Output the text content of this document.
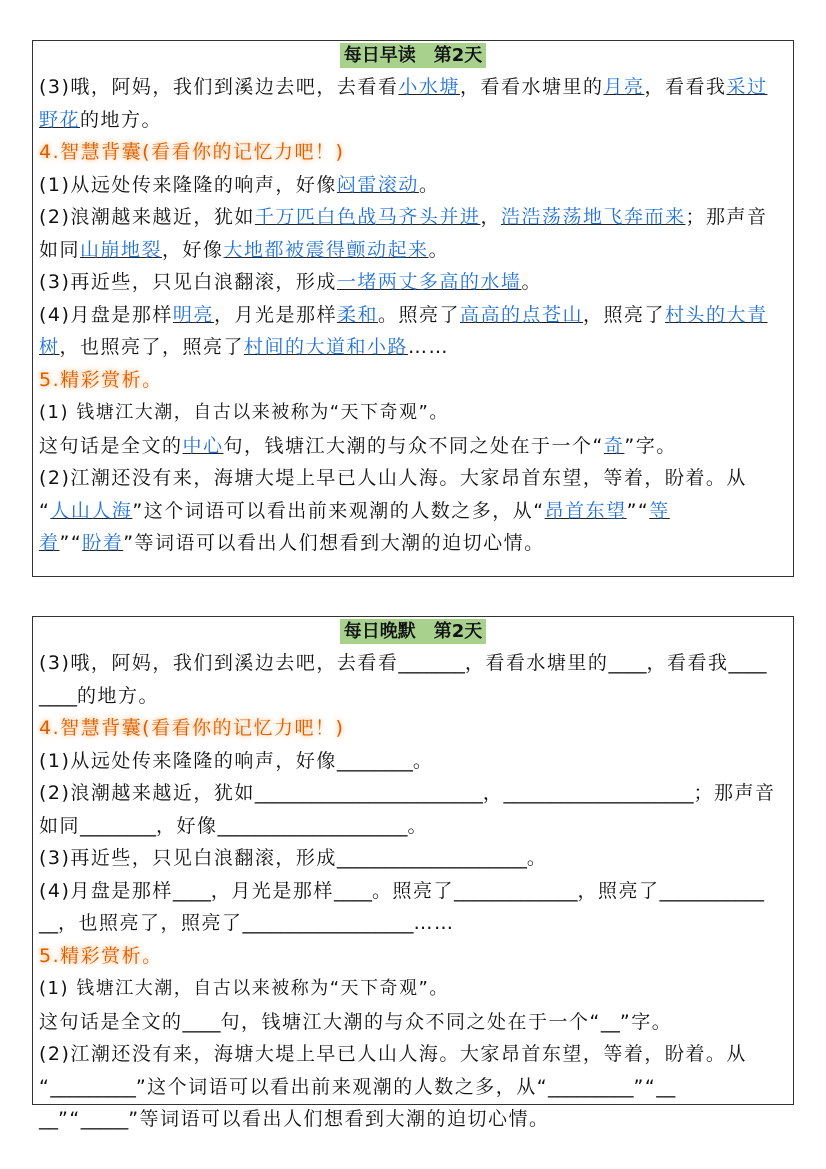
每日早读　第2天
(3)哦，阿妈，我们到溪边去吧，去看看小水塘，看看水塘里的月亮，看看我采过
野花的地方。
4.智慧背囊(看看你的记忆力吧！)
(1)从远处传来隆隆的响声，好像闷雷滚动。
(2)浪潮越来越近，犹如千万匹白色战马齐头并进，浩浩荡荡地飞奔而来；那声音
如同山崩地裂，好像大地都被震得颤动起来。
(3)再近些，只见白浪翻滚，形成一堵两丈多高的水墙。
(4)月盘是那样明亮，月光是那样柔和。照亮了高高的点苍山，照亮了村头的大青
树，也照亮了，照亮了村间的大道和小路……
5.精彩赏析。
(1) 钱塘江大潮，自古以来被称为“天下奇观”。
这句话是全文的中心句，钱塘江大潮的与众不同之处在于一个“奇”字。
(2)江潮还没有来，海塘大堤上早已人山人海。大家昂首东望，等着，盼着。从
“人山人海”这个词语可以看出前来观潮的人数之多，从“昂首东望”“等
着”“盼着”等词语可以看出人们想看到大潮的迫切心情。
每日晚默　第2天
(3)哦，阿妈，我们到溪边去吧，去看看_______，看看水塘里的____，看看我____
____的地方。
4.智慧背囊(看看你的记忆力吧！)
(1)从远处传来隆隆的响声，好像________。
(2)浪潮越来越近，犹如________________________，____________________；那声音
如同________，好像____________________。
(3)再近些，只见白浪翻滚，形成____________________。
(4)月盘是那样____，月光是那样____。照亮了_____________，照亮了___________
__，也照亮了，照亮了__________________……
5.精彩赏析。
(1) 钱塘江大潮，自古以来被称为“天下奇观”。
这句话是全文的____句，钱塘江大潮的与众不同之处在于一个“__”字。
(2)江潮还没有来，海塘大堤上早已人山人海。大家昂首东望，等着，盼着。从
“_________”这个词语可以看出前来观潮的人数之多，从“_________”“__
__”“_____”等词语可以看出人们想看到大潮的迫切心情。
